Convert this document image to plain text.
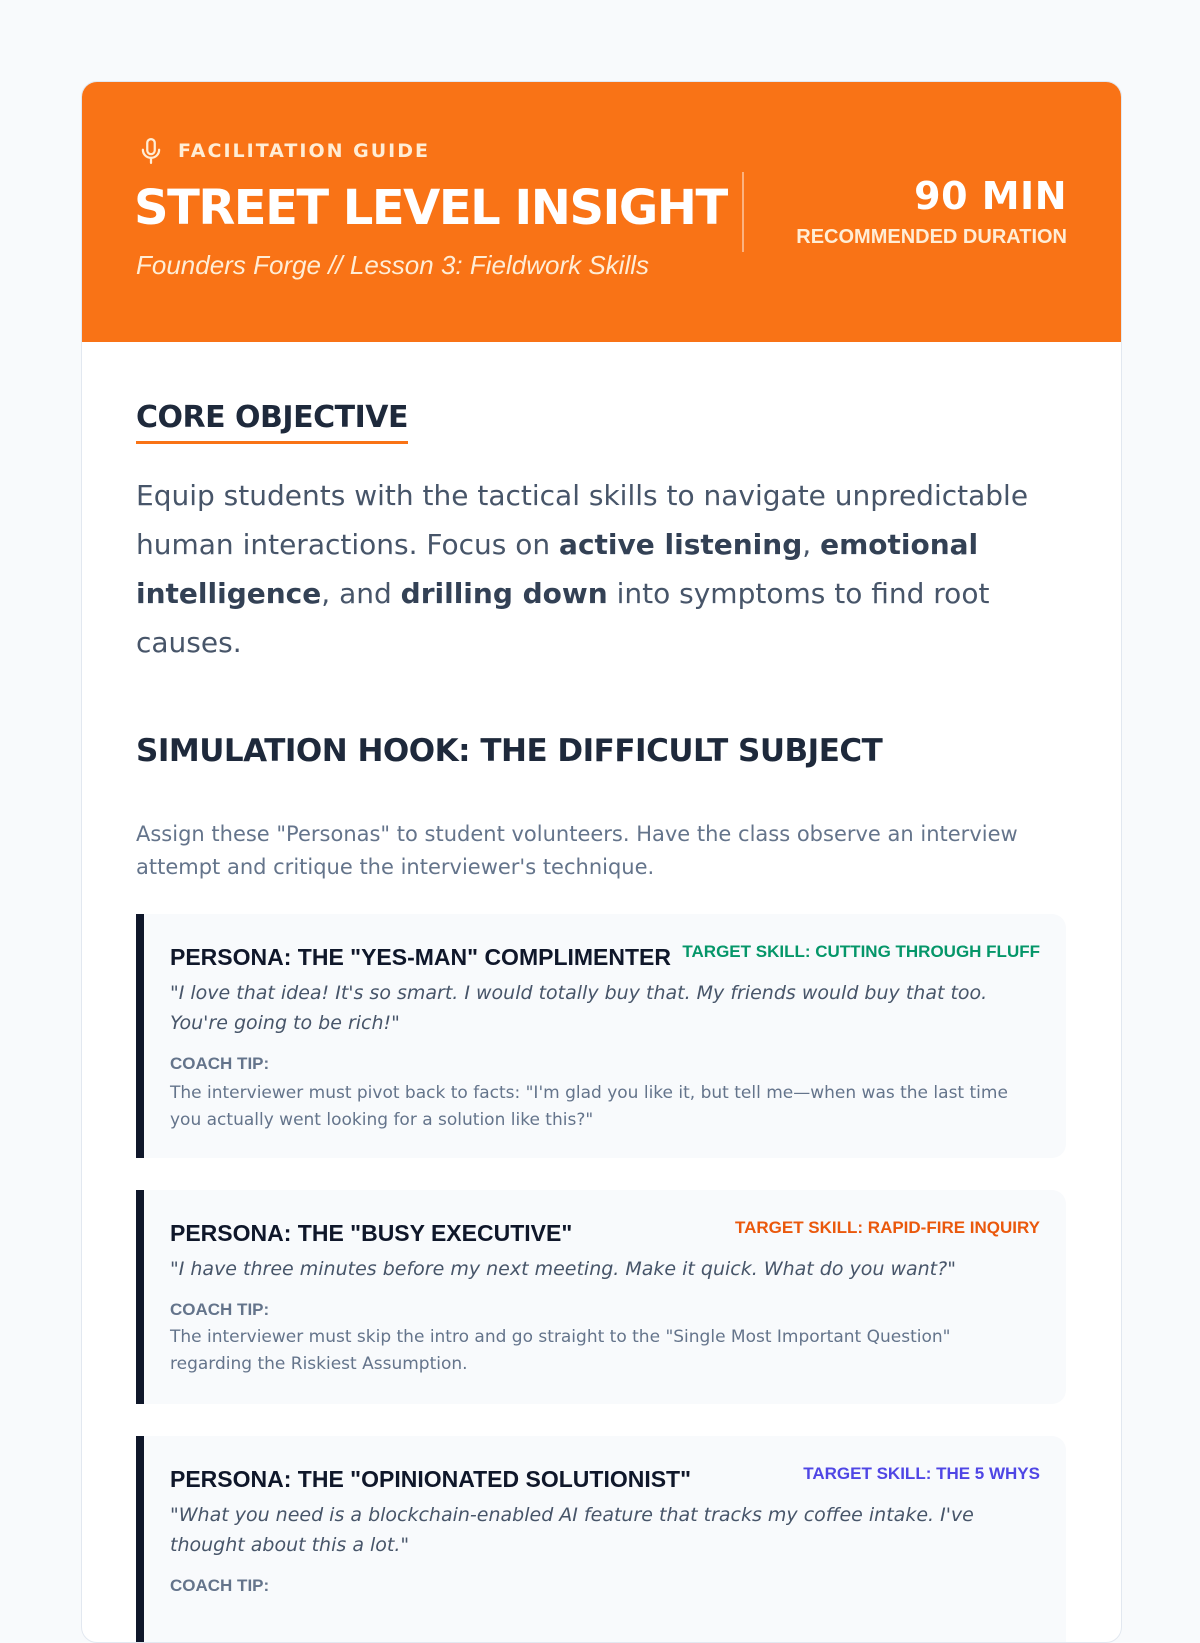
FACILITATION GUIDE
STREET LEVEL INSIGHT
Founders Forge // Lesson 3: Fieldwork Skills
90 MIN
RECOMMENDED DURATION
CORE OBJECTIVE

Equip students with the tactical skills to navigate unpredictable human interactions. Focus on active listening, emotional intelligence, and drilling down into symptoms to find root causes.

SIMULATION HOOK: THE DIFFICULT SUBJECT

Assign these "Personas" to student volunteers. Have the class observe an interview attempt and critique the interviewer's technique.

PERSONA: THE "YES-MAN" COMPLIMENTER TARGET SKILL: CUTTING THROUGH FLUFF

"I love that idea! It's so smart. I would totally buy that. My friends would buy that too. You're going to be rich!"

COACH TIP:

The interviewer must pivot back to facts: "I'm glad you like it, but tell me—when was the last time you actually went looking for a solution like this?"

PERSONA: THE "BUSY EXECUTIVE"	TARGET SKILL: RAPID-FIRE INQUIRY

"I have three minutes before my next meeting. Make it quick. What do you want?"

COACH TIP:

The interviewer must skip the intro and go straight to the "Single Most Important Question" regarding the Riskiest Assumption.

PERSONA: THE "OPINIONATED SOLUTIONIST"	TARGET SKILL: THE 5 WHYS

"What you need is a blockchain-enabled AI feature that tracks my coffee intake. I've thought about this a lot."

COACH TIP:
